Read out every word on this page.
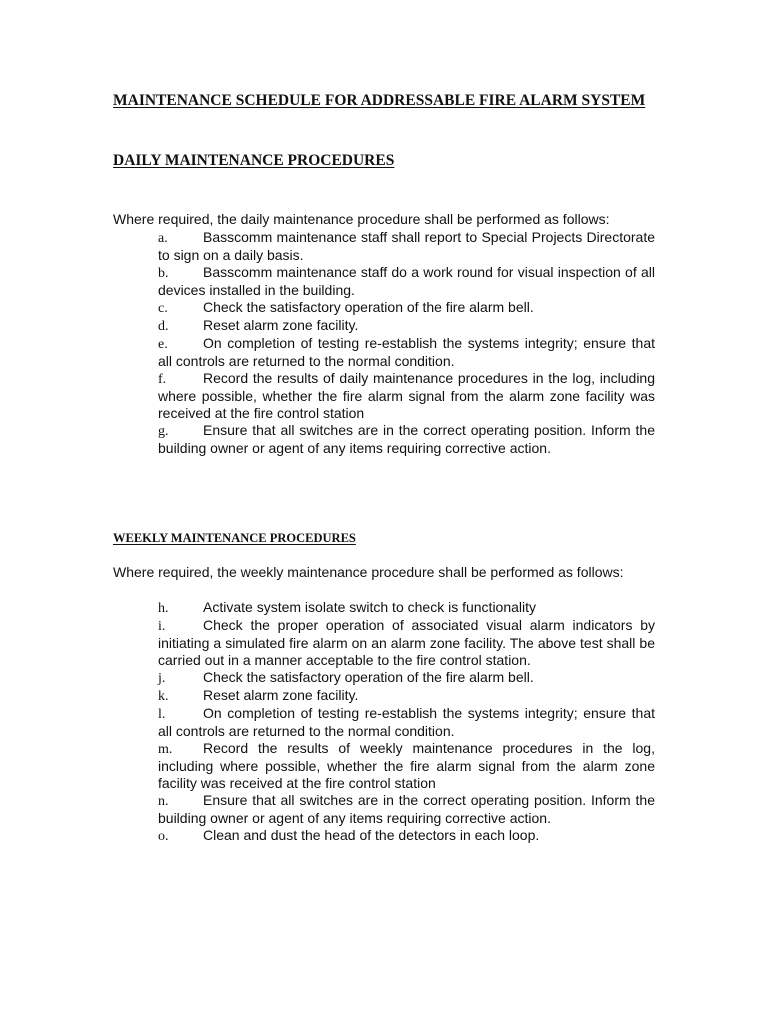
MAINTENANCE SCHEDULE FOR ADDRESSABLE FIRE ALARM SYSTEM
DAILY MAINTENANCE PROCEDURES

Where required, the daily maintenance procedure shall be performed as follows:

a.	Basscomm maintenance staff shall report to Special Projects Directorate to sign on a daily basis.
b. Basscomm maintenance staff do a work round for visual inspection of all devices installed in the building.
c.	Check the satisfactory operation of the fire alarm bell.
d. Reset alarm zone facility.
e.	On completion of testing re-establish the systems integrity; ensure that all controls are returned to the normal condition.
f.	Record the results of daily maintenance procedures in the log, including where possible, whether the fire alarm signal from the alarm zone facility was received at the fire control station
g. Ensure that all switches are in the correct operating position. Inform the building owner or agent of any items requiring corrective action.
WEEKLY MAINTENANCE PROCEDURES

Where required, the weekly maintenance procedure shall be performed as follows:

h. Activate system isolate switch to check is functionality
i.	Check the proper operation of associated visual alarm indicators by initiating a simulated fire alarm on an alarm zone facility. The above test shall be carried out in a manner acceptable to the fire control station.
j.	Check the satisfactory operation of the fire alarm bell.
k. Reset alarm zone facility.
l.	On completion of testing re-establish the systems integrity; ensure that all controls are returned to the normal condition.
m. Record the results of weekly maintenance procedures in the log, including where possible, whether the fire alarm signal from the alarm zone facility was received at the fire control station
n. Ensure that all switches are in the correct operating position. Inform the building owner or agent of any items requiring corrective action.
o. Clean and dust the head of the detectors in each loop.
